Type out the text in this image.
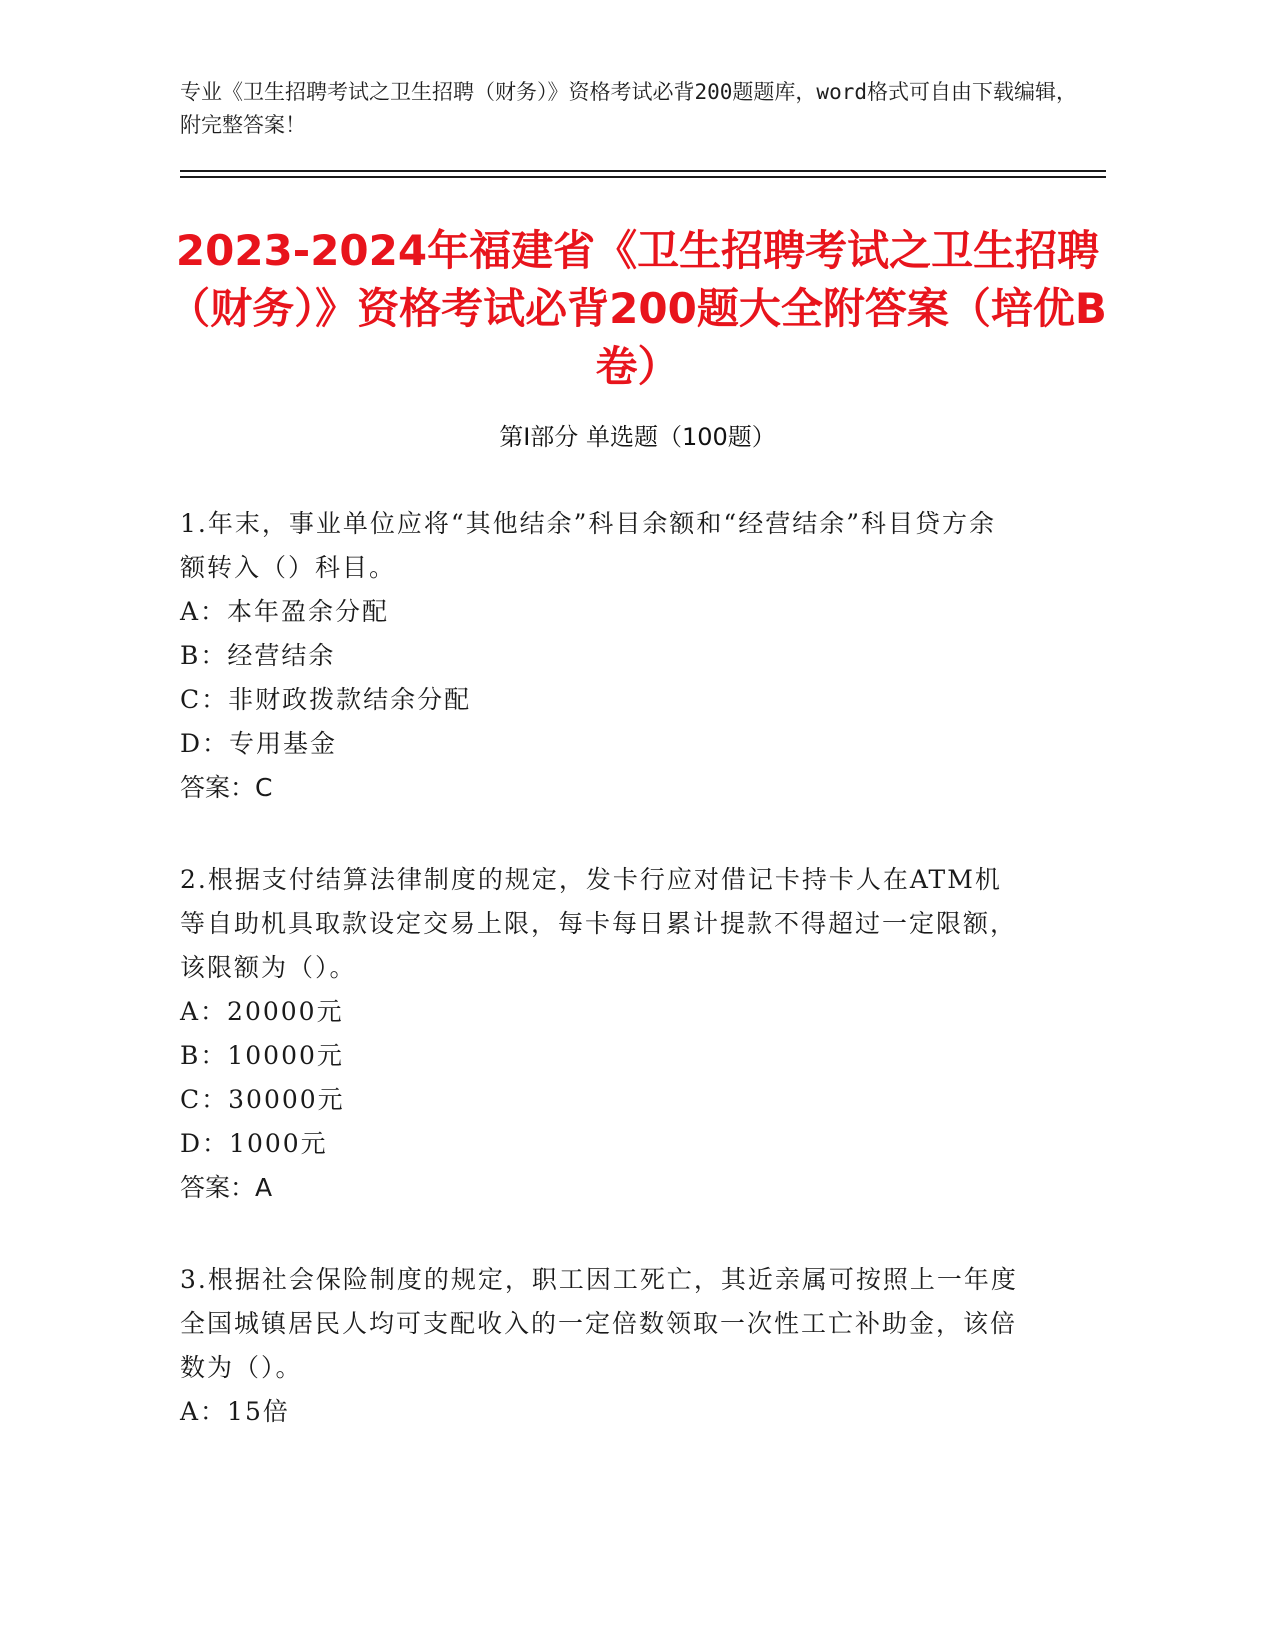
专业《卫生招聘考试之卫生招聘（财务）》资格考试必背200题题库，word格式可自由下载编辑，附完整答案！
2023-2024年福建省《卫生招聘考试之卫生招聘（财务）》资格考试必背200题大全附答案（培优B卷）
第Ⅰ部分 单选题（100题）

1.年末，事业单位应将“其他结余”科目余额和“经营结余”科目贷方余额转入（）科目。

A：本年盈余分配

B：经营结余

C：非财政拨款结余分配

D：专用基金

答案：C

2.根据支付结算法律制度的规定，发卡行应对借记卡持卡人在ATM机等自助机具取款设定交易上限，每卡每日累计提款不得超过一定限额，该限额为（）。

A：20000元

B：10000元

C：30000元

D：1000元

答案：A

3.根据社会保险制度的规定，职工因工死亡，其近亲属可按照上一年度全国城镇居民人均可支配收入的一定倍数领取一次性工亡补助金，该倍数为（）。

A：15倍
